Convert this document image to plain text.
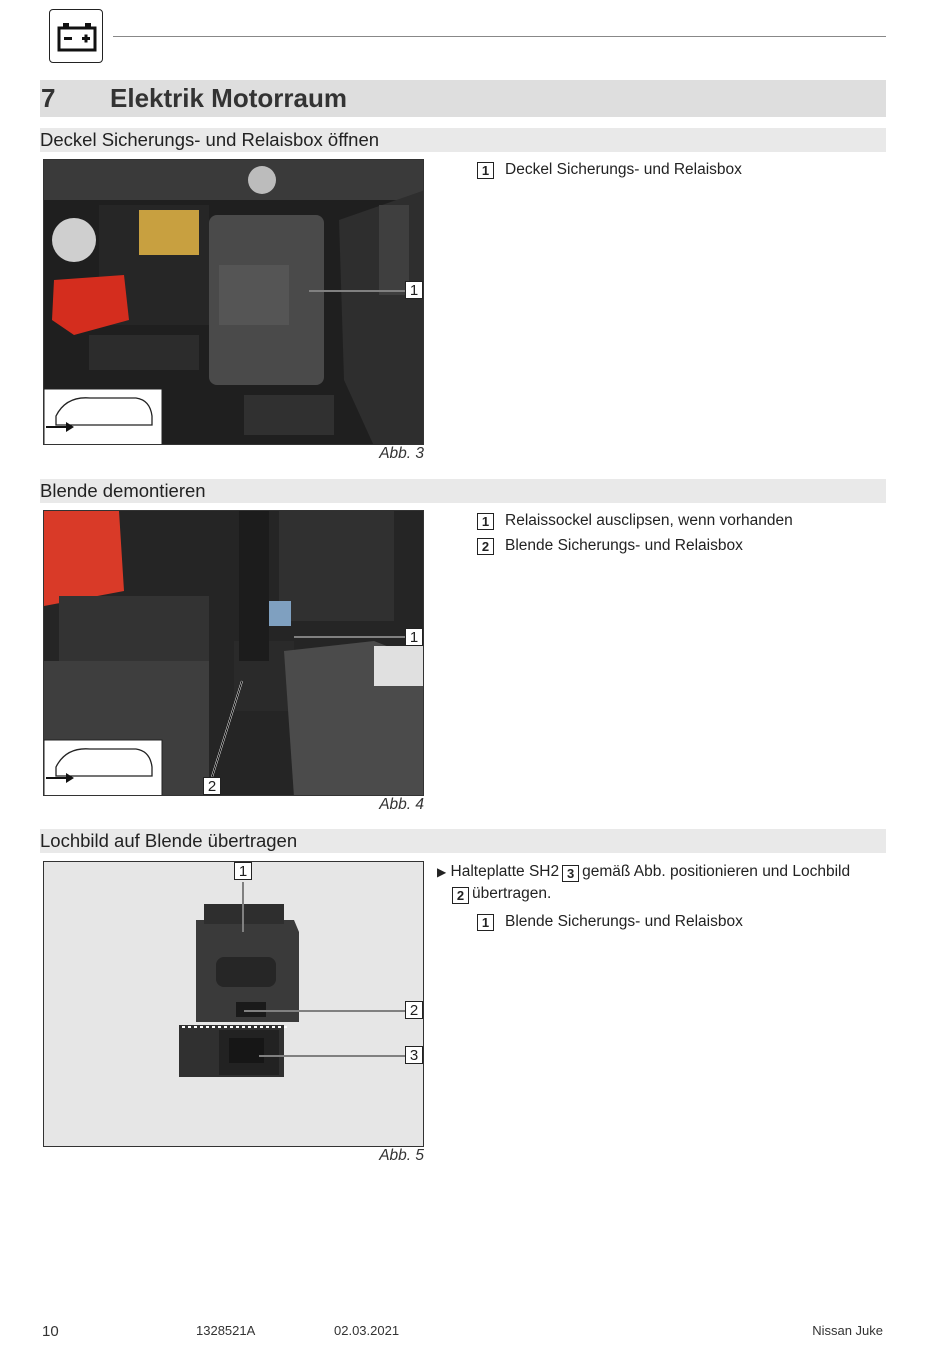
7 Elektrik Motorraum
Deckel Sicherungs- und Relaisbox öffnen
1
Abb. 3
1	Deckel Sicherungs- und Relaisbox
Blende demontieren
1
2
Abb. 4
1	Relaissockel ausclipsen, wenn vorhanden
2	Blende Sicherungs- und Relaisbox
Lochbild auf Blende übertragen
1
2
3
Abb. 5
▶ Halteplatte SH2 3 gemäß Abb. positionieren und Lochbild
2 übertragen.
1	Blende Sicherungs- und Relaisbox
10	1328521A	02.03.2021	Nissan Juke
